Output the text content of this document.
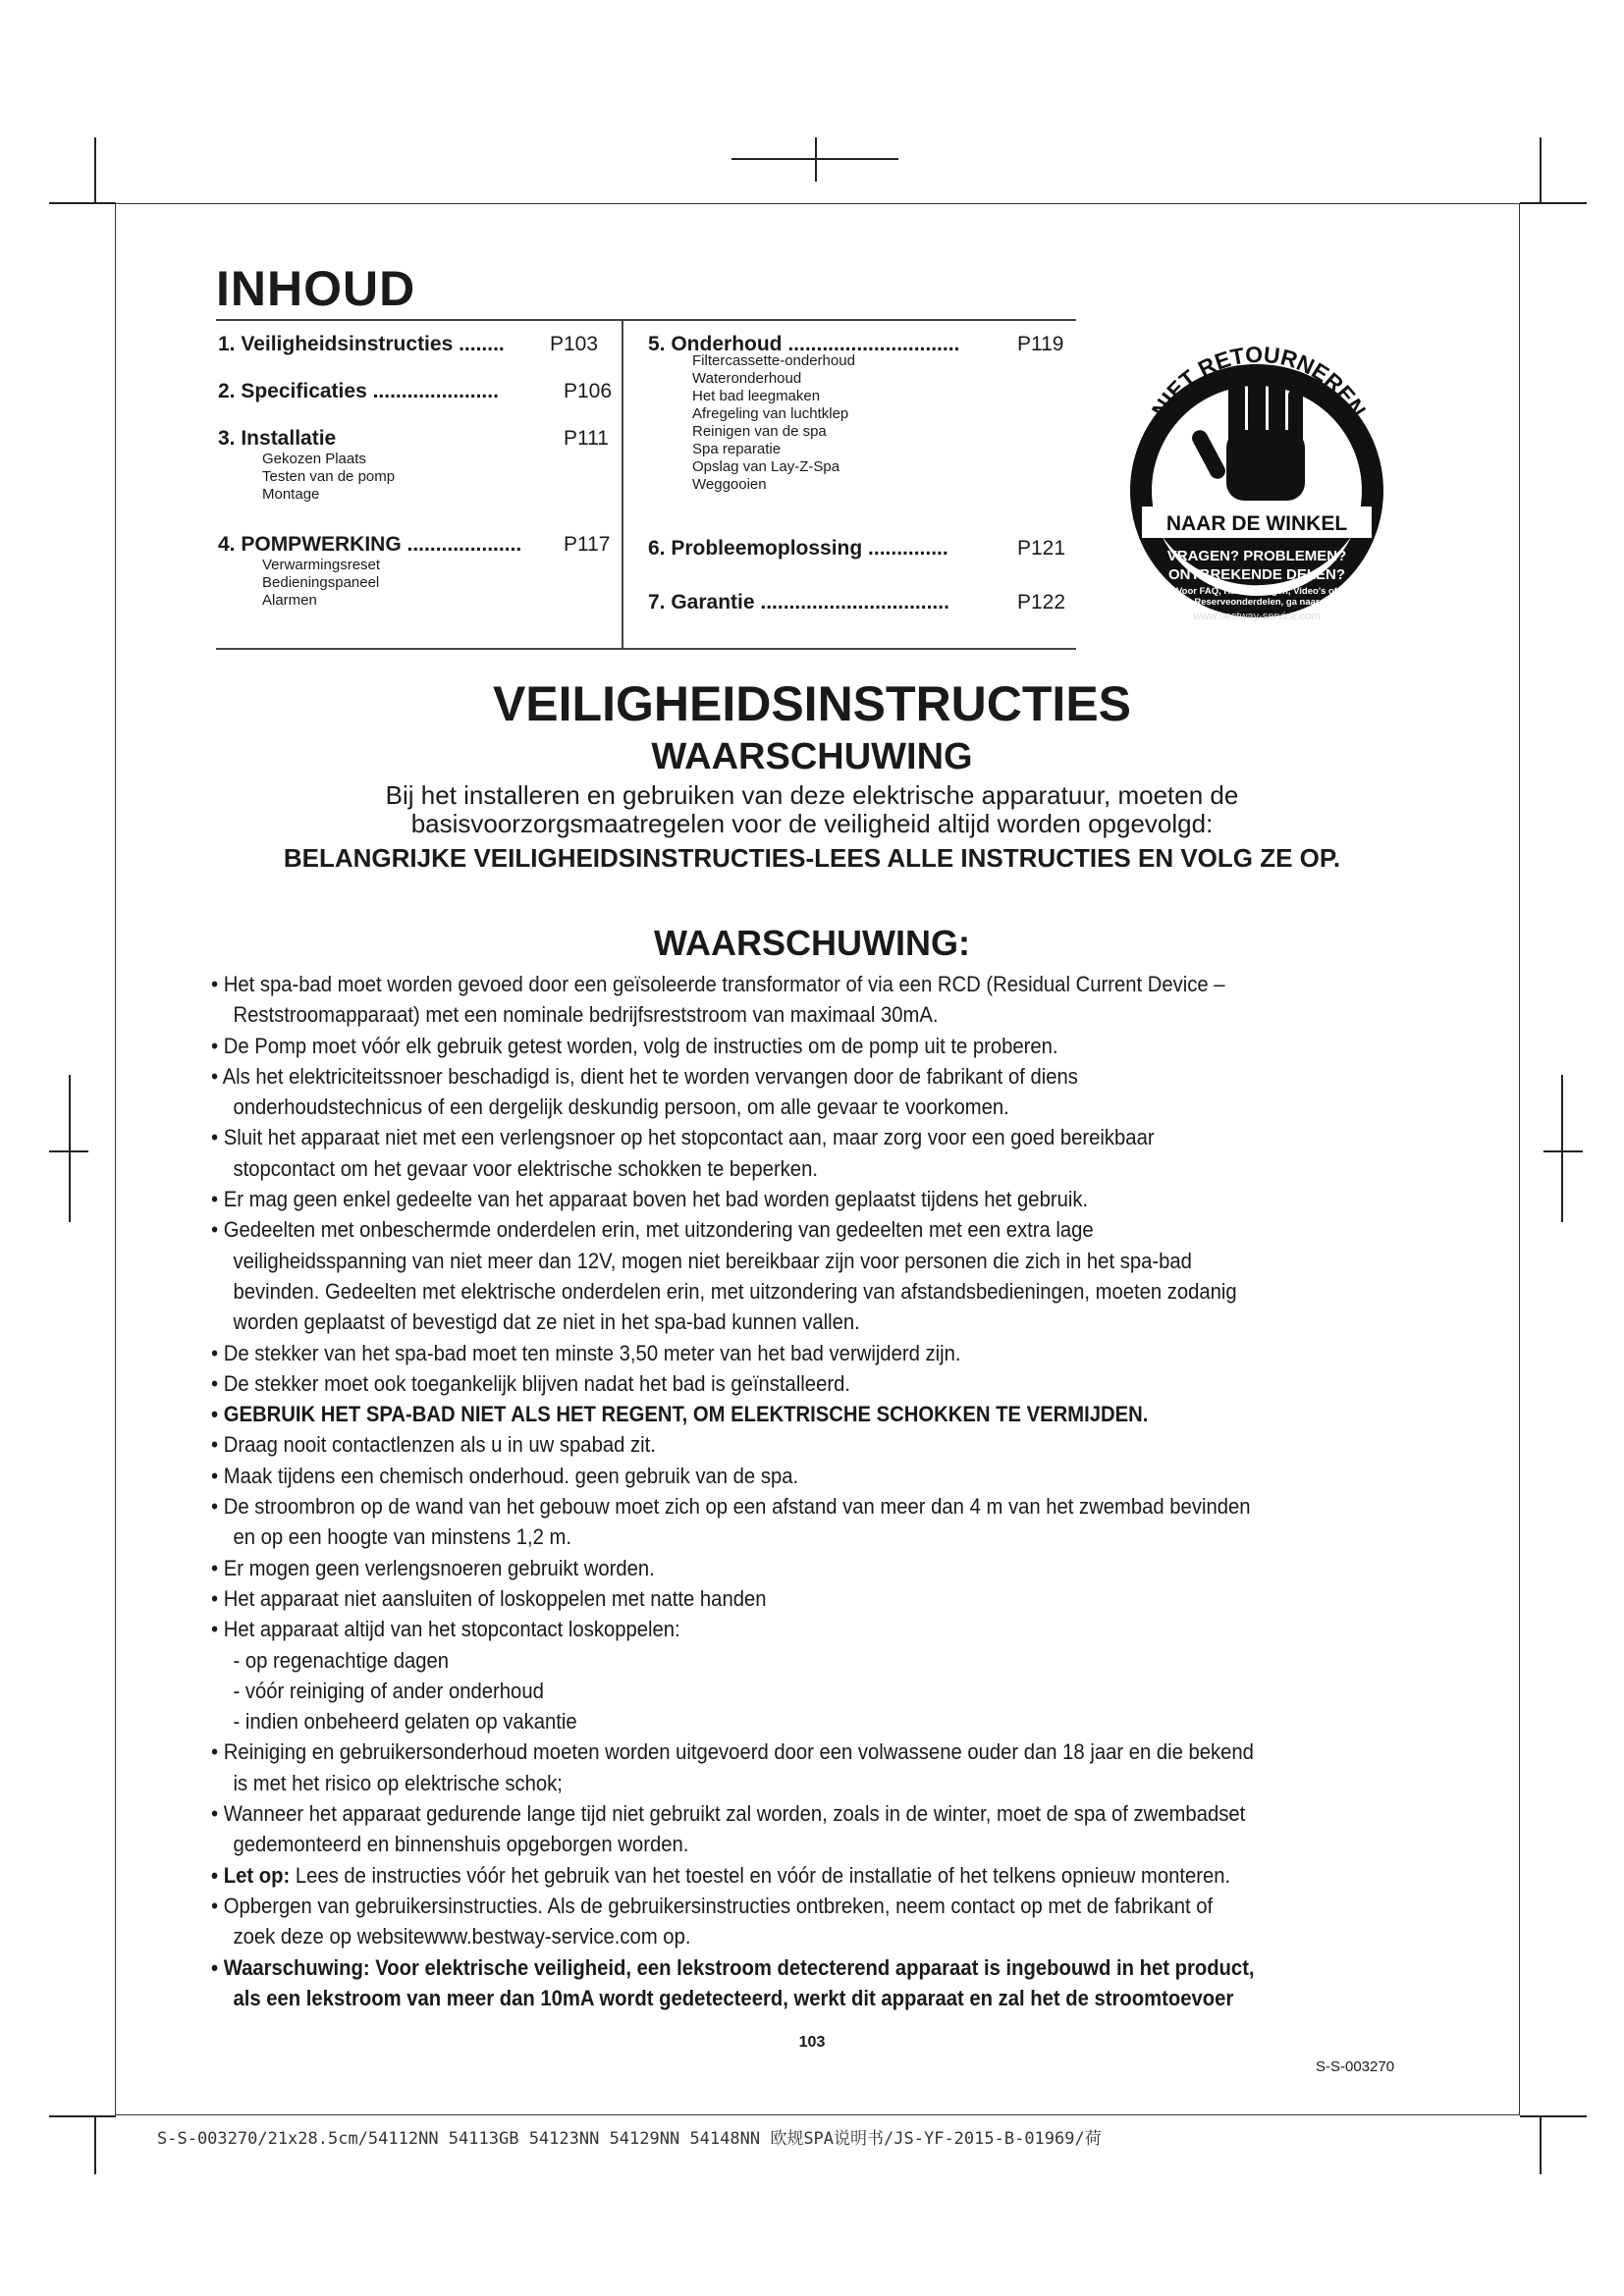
INHOUD
1. Veiligheidsinstructies ........ P103
2. Specificaties ......................	P106
3. Installatie	P111
Gekozen Plaats
Testen van de pomp
Montage
4. POMPWERKING .................... P117
Verwarmingsreset
Bedieningspaneel
Alarmen
5. Onderhoud ..............................	P119
Filtercassette-onderhoud
Wateronderhoud
Het bad leegmaken
Afregeling van luchtklep
Reinigen van de spa
Spa reparatie
Opslag van Lay-Z-Spa
Weggooien
6. Probleemoplossing ..............	P121
7. Garantie .................................	P122
NIET RETOURNEREN
NAAR DE WINKEL
VRAGEN? PROBLEMEN?
ONTBREKENDE DELEN?
Voor FAQ, Handleidingen, Video's of
Reserveonderdelen, ga naar
www.bestway-service.com
VEILIGHEIDSINSTRUCTIES
WAARSCHUWING
Bij het installeren en gebruiken van deze elektrische apparatuur, moeten de
basisvoorzorgsmaatregelen voor de veiligheid altijd worden opgevolgd:
BELANGRIJKE VEILIGHEIDSINSTRUCTIES-LEES ALLE INSTRUCTIES EN VOLG ZE OP.
WAARSCHUWING:
• Het spa-bad moet worden gevoed door een geïsoleerde transformator of via een RCD (Residual Current Device –
Reststroomapparaat) met een nominale bedrijfsreststroom van maximaal 30mA.
• De Pomp moet vóór elk gebruik getest worden, volg de instructies om de pomp uit te proberen.
• Als het elektriciteitssnoer beschadigd is, dient het te worden vervangen door de fabrikant of diens
onderhoudstechnicus of een dergelijk deskundig persoon, om alle gevaar te voorkomen.
• Sluit het apparaat niet met een verlengsnoer op het stopcontact aan, maar zorg voor een goed bereikbaar
stopcontact om het gevaar voor elektrische schokken te beperken.
• Er mag geen enkel gedeelte van het apparaat boven het bad worden geplaatst tijdens het gebruik.
• Gedeelten met onbeschermde onderdelen erin, met uitzondering van gedeelten met een extra lage
veiligheidsspanning van niet meer dan 12V, mogen niet bereikbaar zijn voor personen die zich in het spa-bad
bevinden. Gedeelten met elektrische onderdelen erin, met uitzondering van afstandsbedieningen, moeten zodanig
worden geplaatst of bevestigd dat ze niet in het spa-bad kunnen vallen.
• De stekker van het spa-bad moet ten minste 3,50 meter van het bad verwijderd zijn.
• De stekker moet ook toegankelijk blijven nadat het bad is geïnstalleerd.
• GEBRUIK HET SPA-BAD NIET ALS HET REGENT, OM ELEKTRISCHE SCHOKKEN TE VERMIJDEN.
• Draag nooit contactlenzen als u in uw spabad zit.
• Maak tijdens een chemisch onderhoud. geen gebruik van de spa.
• De stroombron op de wand van het gebouw moet zich op een afstand van meer dan 4 m van het zwembad bevinden
en op een hoogte van minstens 1,2 m.
• Er mogen geen verlengsnoeren gebruikt worden.
• Het apparaat niet aansluiten of loskoppelen met natte handen
• Het apparaat altijd van het stopcontact loskoppelen:
- op regenachtige dagen
- vóór reiniging of ander onderhoud
- indien onbeheerd gelaten op vakantie
• Reiniging en gebruikersonderhoud moeten worden uitgevoerd door een volwassene ouder dan 18 jaar en die bekend
is met het risico op elektrische schok;
• Wanneer het apparaat gedurende lange tijd niet gebruikt zal worden, zoals in de winter, moet de spa of zwembadset
gedemonteerd en binnenshuis opgeborgen worden.
• Let op: Lees de instructies vóór het gebruik van het toestel en vóór de installatie of het telkens opnieuw monteren.
• Opbergen van gebruikersinstructies. Als de gebruikersinstructies ontbreken, neem contact op met de fabrikant of
zoek deze op websitewww.bestway-service.com op.
• Waarschuwing: Voor elektrische veiligheid, een lekstroom detecterend apparaat is ingebouwd in het product,
als een lekstroom van meer dan 10mA wordt gedetecteerd, werkt dit apparaat en zal het de stroomtoevoer
103
S-S-003270
S-S-003270/21x28.5cm/54112NN 54113GB 54123NN 54129NN 54148NN 欧规SPA说明书/JS-YF-2015-B-01969/荷
